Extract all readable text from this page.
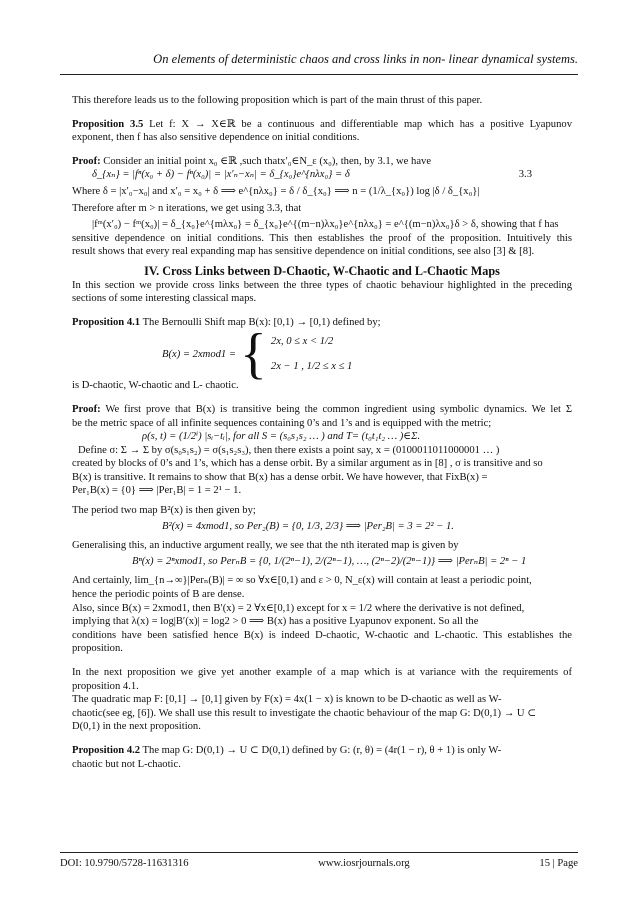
On elements of deterministic chaos and cross links in non- linear dynamical systems.
This therefore leads us to the following proposition which is part of the main thrust of this paper.
Proposition 3.5 Let f: X → X∈ℝ be a continuous and differentiable map which has a positive Lyapunov
exponent, then f has also sensitive dependence on initial conditions.
Proof: Consider an initial point x₀ ∈ℝ ,such thatx′₀∈N_ε (x₀), then, by 3.1, we have
δ_{xₙ} = |fⁿ(x₀ + δ) − fⁿ(x₀)| = |x′ₙ−xₙ| = δ_{x₀}e^{nλx₀} = δ	3.3
Where δ = |x′₀−x₀| and x′₀ = x₀ + δ ⟹ e^{nλx₀} = δ / δ_{x₀} ⟹ n = (1/λ_{x₀}) log |δ / δ_{x₀}|
Therefore after m > n iterations, we get using 3.3, that
|fᵐ(x′₀) − fᵐ(x₀)| = δ_{x₀}e^{mλx₀} = δ_{x₀}e^{(m−n)λx₀}e^{nλx₀} = e^{(m−n)λx₀}δ > δ, showing that f has
sensitive dependence on initial conditions. This then establishes the proof of the proposition. Intuitively this
result shows that every real expanding map has sensitive dependence on initial conditions, see also [3] & [8].
IV. Cross Links between D-Chaotic, W-Chaotic and L-Chaotic Maps
In this section we provide cross links between the three types of chaotic behaviour highlighted in the preceding
sections of some interesting classical maps.
Proposition 4.1 The Bernoulli Shift map B(x): [0,1) → [0,1) defined by;
B(x) = 2xmod1 = { 2x, 0 ≤ x < 1/2
2x − 1 , 1/2 ≤ x ≤ 1
is D-chaotic, W-chaotic and L- chaotic.
Proof: We first prove that B(x) is transitive being the common ingredient using symbolic dynamics. We let Σ
be the metric space of all infinite sequences containing 0’s and 1’s and is equipped with the metric;
ρ(s, t) = (1/2ⁱ) |sᵢ−tᵢ|, for all S = (s₀s₁s₂ … ) and T= (t₀t₁t₂ … )∈Σ.
Define σ: Σ → Σ by σ(s₀s₁s₂) = σ(s₁s₂s₃), then there exists a point say, x = (0100011011000001 … )
created by blocks of 0’s and 1’s, which has a dense orbit. By a similar argument as in [8] , σ is transitive and so
B(x) is transitive. It remains to show that B(x) has a dense orbit. We have however, that FixB(x) =
Per₁B(x) = {0} ⟹ |Per₁B| = 1 = 2¹ − 1.
The period two map B²(x) is then given by;
B²(x) = 4xmod1, so Per₂(B) = {0, 1/3, 2/3} ⟹ |Per₂B| = 3 = 2² − 1.
Generalising this, an inductive argument really, we see that the nth iterated map is given by
Bⁿ(x) = 2ⁿxmod1, so PerₙB = {0, 1/(2ⁿ−1), 2/(2ⁿ−1), …, (2ⁿ−2)/(2ⁿ−1)} ⟹ |PerₙB| = 2ⁿ − 1
And certainly, lim_{n→∞}|Perₙ(B)| = ∞ so ∀x∈[0,1) and ε > 0, N_ε(x) will contain at least a periodic point,
hence the periodic points of B are dense.
Also, since B(x) = 2xmod1, then B′(x) = 2 ∀x∈[0,1) except for x = 1/2 where the derivative is not defined,
implying that λ(x) = log|B′(x)| = log2 > 0 ⟹ B(x) has a positive Lyapunov exponent. So all the
conditions have been satisfied hence B(x) is indeed D-chaotic, W-chaotic and L-chaotic. This establishes the
proposition.
In the next proposition we give yet another example of a map which is at variance with the requirements of
proposition 4.1.
The quadratic map F: [0,1] → [0,1] given by F(x) = 4x(1 − x) is known to be D-chaotic as well as W-
chaotic(see eg, [6]). We shall use this result to investigate the chaotic behaviour of the map G: D(0,1) → U ⊂
D(0,1) in the next proposition.
Proposition 4.2 The map G: D(0,1) → U ⊂ D(0,1) defined by G: (r, θ) = (4r(1 − r), θ + 1) is only W-
chaotic but not L-chaotic.
DOI: 10.9790/5728-11631316	www.iosrjournals.org	15 | Page
